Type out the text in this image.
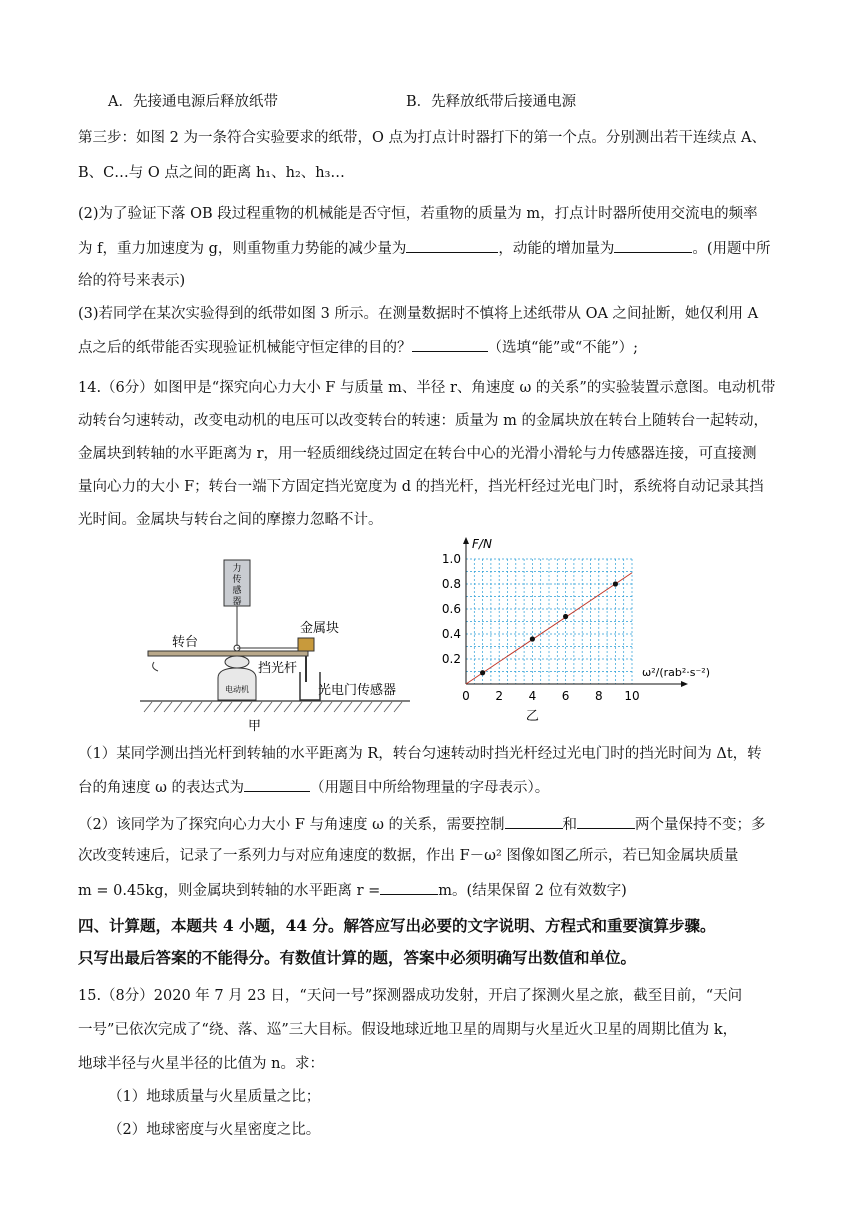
A．先接通电源后释放纸带	B．先释放纸带后接通电源
第三步：如图 2 为一条符合实验要求的纸带，O 点为打点计时器打下的第一个点。分别测出若干连续点 A、
B、C…与 O 点之间的距离 h₁、h₂、h₃…
(2)为了验证下落 OB 段过程重物的机械能是否守恒，若重物的质量为 m，打点计时器所使用交流电的频率
为 f，重力加速度为 g，则重物重力势能的减少量为	，动能的增加量为	。(用题中所
给的符号来表示)
(3)若同学在某次实验得到的纸带如图 3 所示。在测量数据时不慎将上述纸带从 OA 之间扯断，她仅利用 A
点之后的纸带能否实现验证机械能守恒定律的目的？	（选填“能”或“不能”）;
14.（6分）如图甲是“探究向心力大小 F 与质量 m、半径 r、角速度 ω 的关系”的实验装置示意图。电动机带
动转台匀速转动，改变电动机的电压可以改变转台的转速：质量为 m 的金属块放在转台上随转台一起转动，
金属块到转轴的水平距离为 r，用一轻质细线绕过固定在转台中心的光滑小滑轮与力传感器连接，可直接测
量向心力的大小 F；转台一端下方固定挡光宽度为 d 的挡光杆，挡光杆经过光电门时，系统将自动记录其挡
光时间。金属块与转台之间的摩擦力忽略不计。
力
传
感
器
电动机
转台
金属块
挡光杆
光电门传感器
甲
0 2 4 6 8 10
0.2
0.4
0.6
0.8
1.0
F/N
ω²/(rab²·s⁻²)
乙
（1）某同学测出挡光杆到转轴的水平距离为 R，转台匀速转动时挡光杆经过光电门时的挡光时间为 Δt，转
台的角速度 ω 的表达式为	（用题目中所给物理量的字母表示）。
（2）该同学为了探究向心力大小 F 与角速度 ω 的关系，需要控制	和	两个量保持不变；多
次改变转速后，记录了一系列力与对应角速度的数据，作出 F－ω² 图像如图乙所示，若已知金属块质量
m = 0.45kg，则金属块到转轴的水平距离 r =	m。(结果保留 2 位有效数字)
四、计算题，本题共 4 小题，44 分。解答应写出必要的文字说明、方程式和重要演算步骤。
只写出最后答案的不能得分。有数值计算的题，答案中必须明确写出数值和单位。
15.（8分）2020 年 7 月 23 日，“天问一号”探测器成功发射，开启了探测火星之旅，截至目前，“天问
一号”已依次完成了“绕、落、巡”三大目标。假设地球近地卫星的周期与火星近火卫星的周期比值为 k，
地球半径与火星半径的比值为 n。求：
（1）地球质量与火星质量之比；
（2）地球密度与火星密度之比。
